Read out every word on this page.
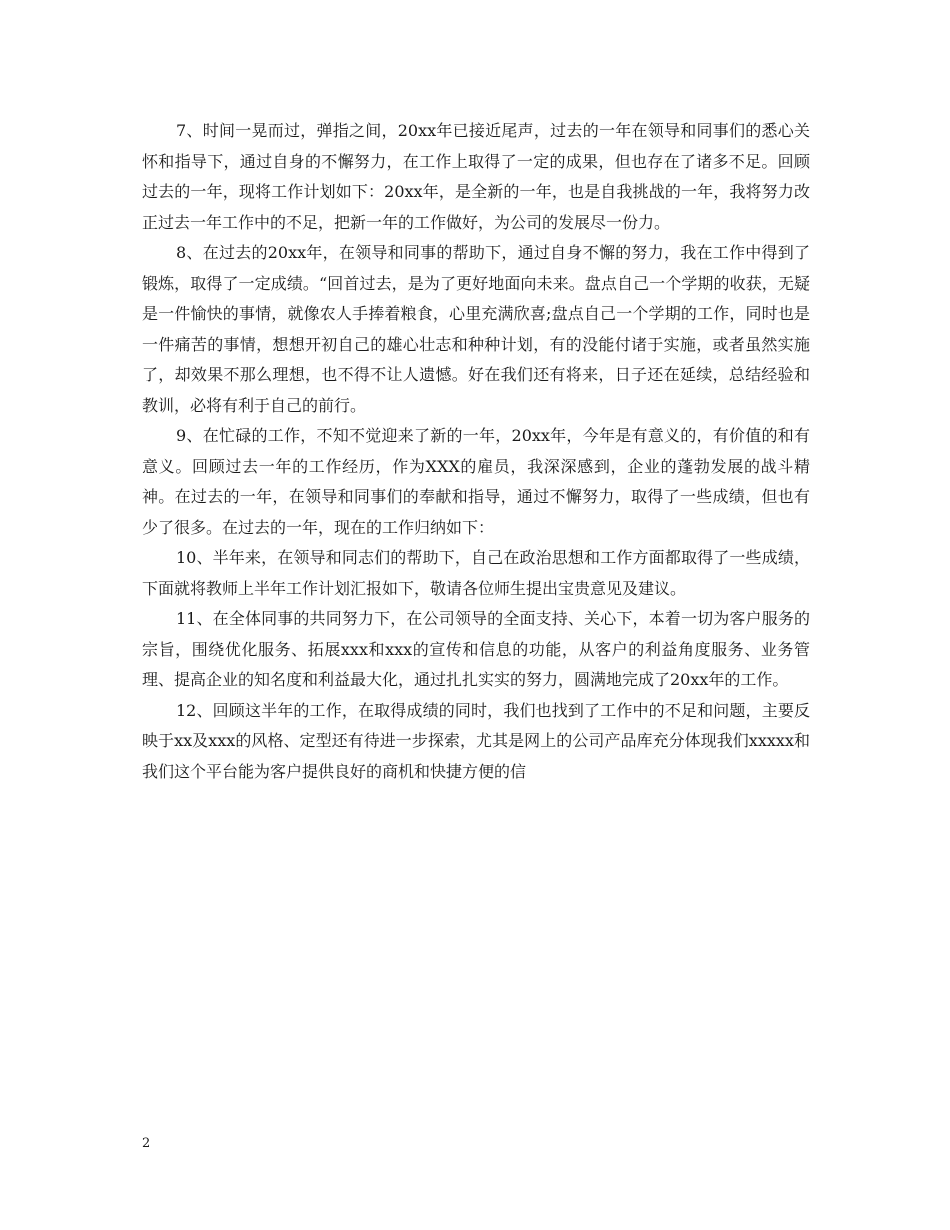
7、时间一晃而过，弹指之间，20xx年已接近尾声，过去的一年在领导和同事们的悉心关怀和指导下，通过自身的不懈努力，在工作上取得了一定的成果，但也存在了诸多不足。回顾过去的一年，现将工作计划如下：20xx年，是全新的一年，也是自我挑战的一年，我将努力改正过去一年工作中的不足，把新一年的工作做好，为公司的发展尽一份力。

8、在过去的20xx年，在领导和同事的帮助下，通过自身不懈的努力，我在工作中得到了锻炼，取得了一定成绩。“回首过去，是为了更好地面向未来。盘点自己一个学期的收获，无疑是一件愉快的事情，就像农人手捧着粮食，心里充满欣喜;盘点自己一个学期的工作，同时也是一件痛苦的事情，想想开初自己的雄心壮志和种种计划，有的没能付诸于实施，或者虽然实施了，却效果不那么理想，也不得不让人遗憾。好在我们还有将来，日子还在延续，总结经验和教训，必将有利于自己的前行。

9、在忙碌的工作，不知不觉迎来了新的一年，20xx年，今年是有意义的，有价值的和有意义。回顾过去一年的工作经历，作为XXX的雇员，我深深感到，企业的蓬勃发展的战斗精神。在过去的一年，在领导和同事们的奉献和指导，通过不懈努力，取得了一些成绩，但也有少了很多。在过去的一年，现在的工作归纳如下：

10、半年来，在领导和同志们的帮助下，自己在政治思想和工作方面都取得了一些成绩，下面就将教师上半年工作计划汇报如下，敬请各位师生提出宝贵意见及建议。

11、在全体同事的共同努力下，在公司领导的全面支持、关心下，本着一切为客户服务的宗旨，围绕优化服务、拓展xxx和xxx的宣传和信息的功能，从客户的利益角度服务、业务管理、提高企业的知名度和利益最大化，通过扎扎实实的努力，圆满地完成了20xx年的工作。

12、回顾这半年的工作，在取得成绩的同时，我们也找到了工作中的不足和问题，主要反映于xx及xxx的风格、定型还有待进一步探索，尤其是网上的公司产品库充分体现我们xxxxx和我们这个平台能为客户提供良好的商机和快捷方便的信

2
